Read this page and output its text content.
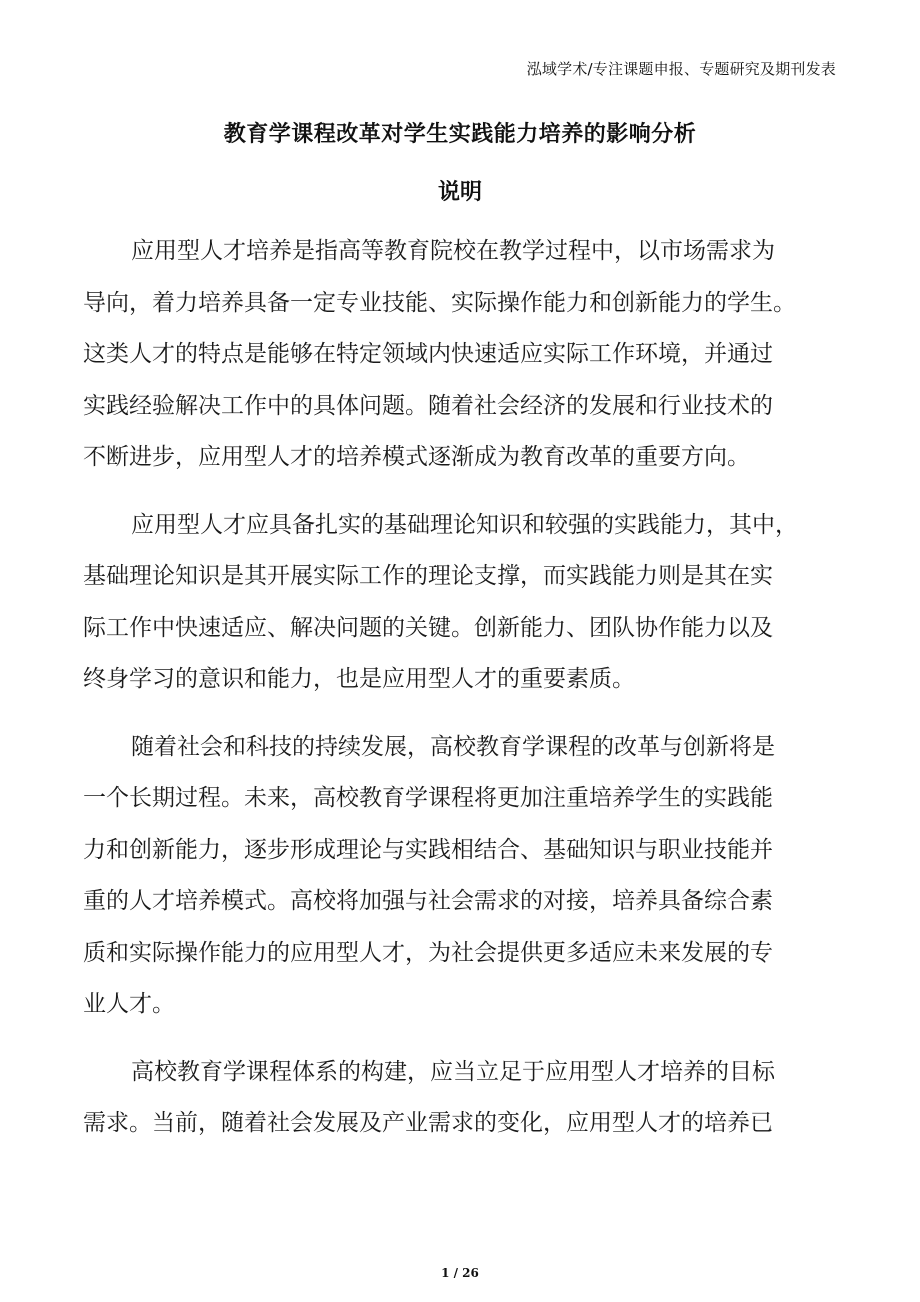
泓域学术/专注课题申报、专题研究及期刊发表
教育学课程改革对学生实践能力培养的影响分析
说明
应用型人才培养是指高等教育院校在教学过程中，以市场需求为
导向，着力培养具备一定专业技能、实际操作能力和创新能力的学生。
这类人才的特点是能够在特定领域内快速适应实际工作环境，并通过
实践经验解决工作中的具体问题。随着社会经济的发展和行业技术的
不断进步，应用型人才的培养模式逐渐成为教育改革的重要方向。
应用型人才应具备扎实的基础理论知识和较强的实践能力，其中，
基础理论知识是其开展实际工作的理论支撑，而实践能力则是其在实
际工作中快速适应、解决问题的关键。创新能力、团队协作能力以及
终身学习的意识和能力，也是应用型人才的重要素质。
随着社会和科技的持续发展，高校教育学课程的改革与创新将是
一个长期过程。未来，高校教育学课程将更加注重培养学生的实践能
力和创新能力，逐步形成理论与实践相结合、基础知识与职业技能并
重的人才培养模式。高校将加强与社会需求的对接，培养具备综合素
质和实际操作能力的应用型人才，为社会提供更多适应未来发展的专
业人才。
高校教育学课程体系的构建，应当立足于应用型人才培养的目标
需求。当前，随着社会发展及产业需求的变化，应用型人才的培养已
1 / 26
